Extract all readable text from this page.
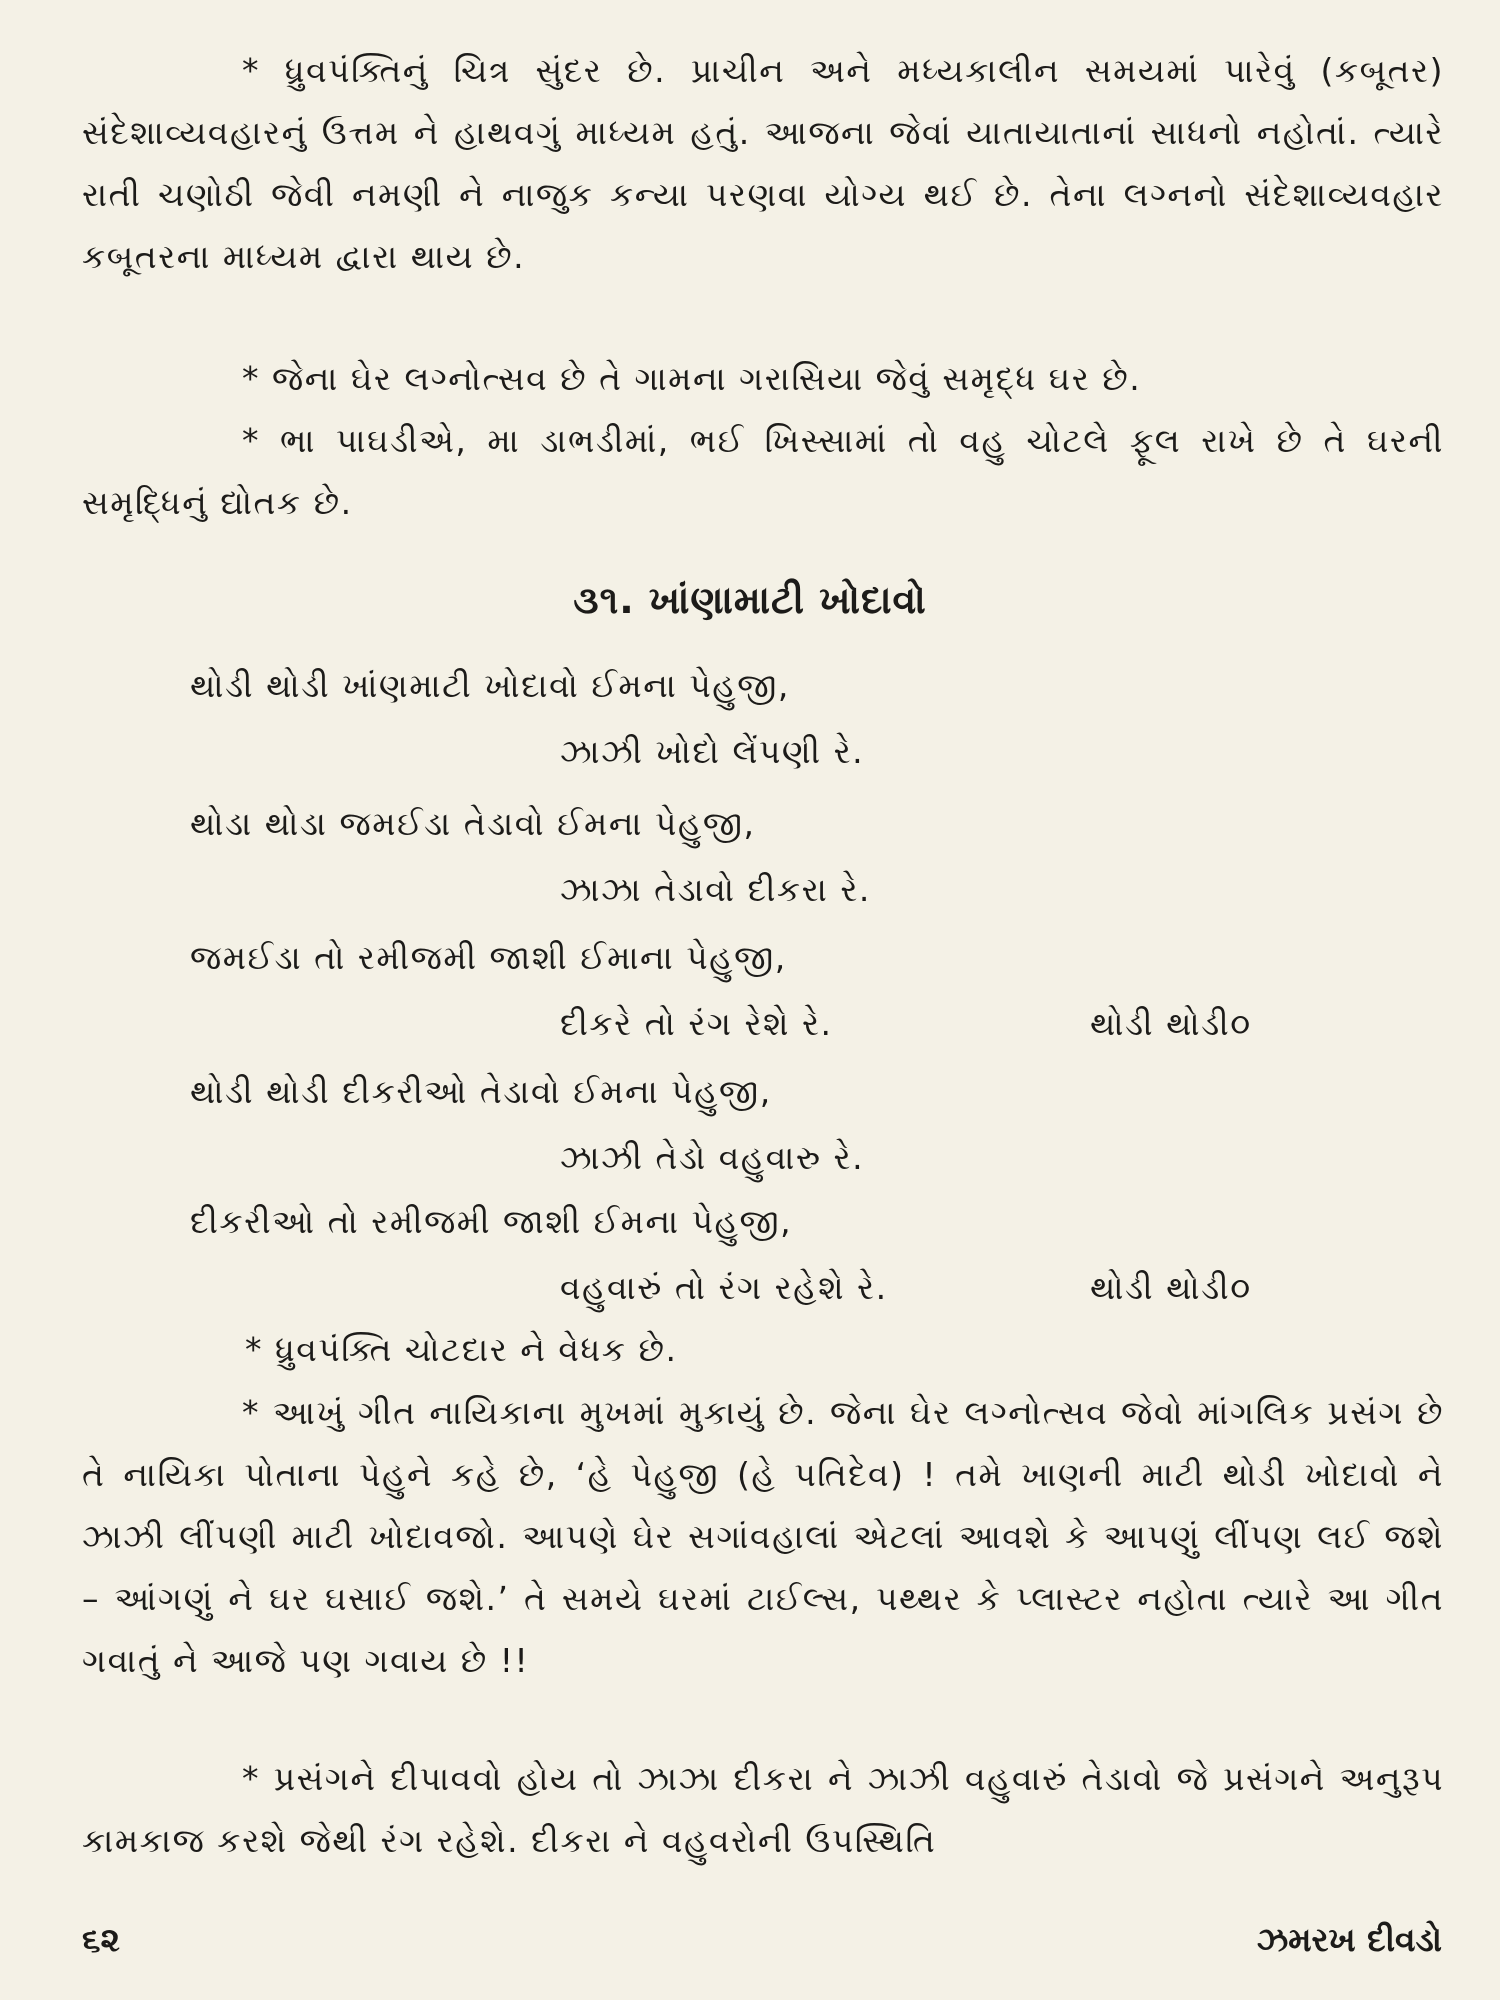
* ધ્રુવપંક્તિનું ચિત્ર સુંદર છે. પ્રાચીન અને મધ્યકાલીન સમયમાં પારેવું (કબૂતર) સંદેશાવ્યવહારનું ઉત્તમ ને હાથવગું માધ્યમ હતું. આજના જેવાં યાતાયાતાનાં સાધનો નહોતાં. ત્યારે રાતી ચણોઠી જેવી નમણી ને નાજુક કન્યા પરણવા યોગ્ય થઈ છે. તેના લગ્નનો સંદેશાવ્યવહાર કબૂતરના માધ્યમ દ્વારા થાય છે.

* જેના ઘેર લગ્નોત્સવ છે તે ગામના ગરાસિયા જેવું સમૃદ્ધ ઘર છે.

* ભા પાઘડીએ, મા ડાભડીમાં, ભઈ ખિસ્સામાં તો વહુ ચોટલે ફૂલ રાખે છે તે ઘરની સમૃદ્ધિનું દ્યોતક છે.

૩૧. ખાંણામાટી ખોદાવો
થોડી થોડી ખાંણમાટી ખોદાવો ઈમના પેહુજી,
ઝાઝી ખોદો લેંપણી રે.
થોડા થોડા જમઈડા તેડાવો ઈમના પેહુજી,
ઝાઝા તેડાવો દીકરા રે.
જમઈડા તો રમીજમી જાશી ઈમાના પેહુજી,
દીકરે તો રંગ રેશે રે.	થોડી થોડી૦
થોડી થોડી દીકરીઓ તેડાવો ઈમના પેહુજી,
ઝાઝી તેડો વહુવારુ રે.
દીકરીઓ તો રમીજમી જાશી ઈમના પેહુજી,
વહુવારું તો રંગ રહેશે રે.	થોડી થોડી૦

* ધ્રુવપંક્તિ ચોટદાર ને વેધક છે.

* આખું ગીત નાયિકાના મુખમાં મુકાયું છે. જેના ઘેર લગ્નોત્સવ જેવો માંગલિક પ્રસંગ છે તે નાયિકા પોતાના પેહુને કહે છે, ‘હે પેહુજી (હે પતિદેવ) ! તમે ખાણની માટી થોડી ખોદાવો ને ઝાઝી લીંપણી માટી ખોદાવજો. આપણે ઘેર સગાંવહાલાં એટલાં આવશે કે આપણું લીંપણ લઈ જશે – આંગણું ને ઘર ઘસાઈ જશે.’ તે સમયે ઘરમાં ટાઈલ્સ, પથ્થર કે પ્લાસ્ટર નહોતા ત્યારે આ ગીત ગવાતું ને આજે પણ ગવાય છે !!

* પ્રસંગને દીપાવવો હોય તો ઝાઝા દીકરા ને ઝાઝી વહુવારું તેડાવો જે પ્રસંગને અનુરૂપ કામકાજ કરશે જેથી રંગ રહેશે. દીકરા ને વહુવરોની ઉપસ્થિતિ

૬૨	ઝમરખ દીવડો
